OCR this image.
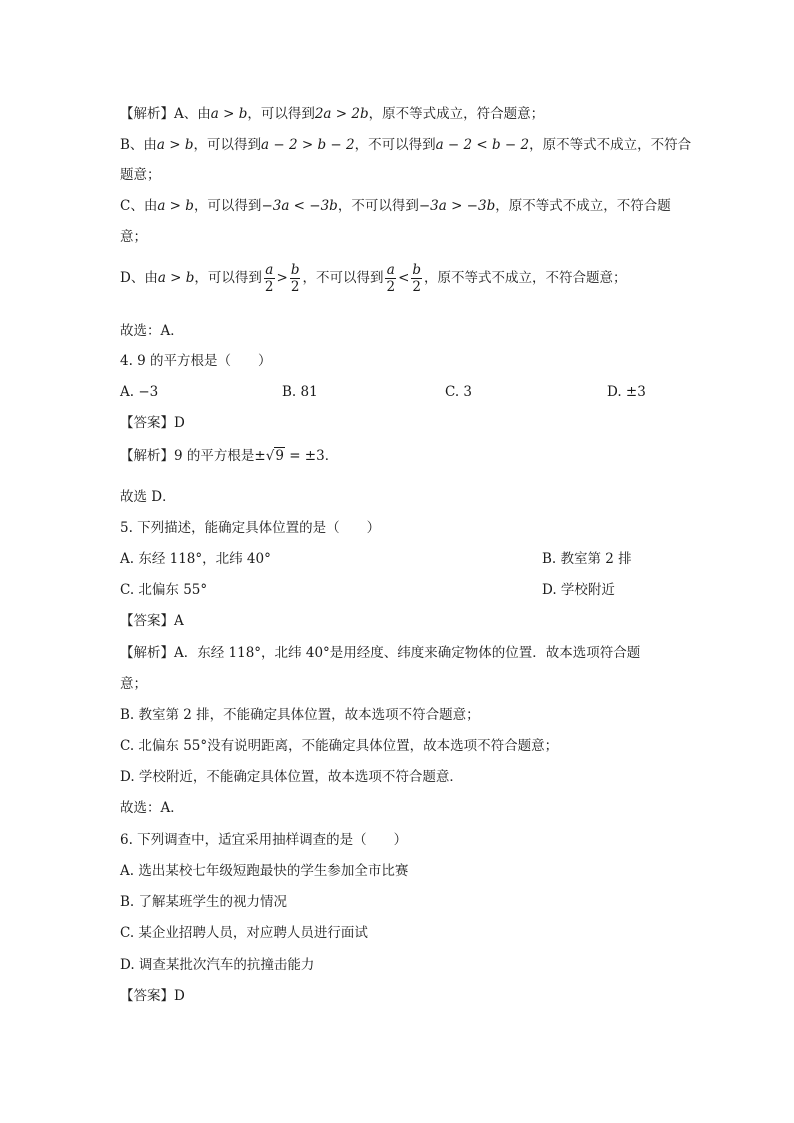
【解析】A、由a > b，可以得到2a > 2b，原不等式成立，符合题意；
B、由a > b，可以得到a − 2 > b − 2，不可以得到a − 2 < b − 2，原不等式不成立，不符合
题意；
C、由a > b，可以得到−3a < −3b，不可以得到−3a > −3b，原不等式不成立，不符合题
意；
D、由a > b，可以得到 $\frac{a}{2} > \frac{b}{2}$ ，不可以得到 $\frac{a}{2} < \frac{b}{2}$ ，原不等式不成立，不符合题意；
故选：A．
4. 9 的平方根是（　　）
A. −3	B. 81	C. 3	D. ±3
【答案】D
【解析】9 的平方根是±√9 = ±3．
故选 D．
5. 下列描述，能确定具体位置的是（　　）
A. 东经 118°，北纬 40°	B. 教室第 2 排
C. 北偏东 55°	D. 学校附近
【答案】A
【解析】A．东经 118°，北纬 40°是用经度、纬度来确定物体的位置．故本选项符合题
意；
B. 教室第 2 排，不能确定具体位置，故本选项不符合题意；
C. 北偏东 55°没有说明距离，不能确定具体位置，故本选项不符合题意；
D. 学校附近，不能确定具体位置，故本选项不符合题意．
故选：A．
6. 下列调查中，适宜采用抽样调查的是（　　）
A. 选出某校七年级短跑最快的学生参加全市比赛
B. 了解某班学生的视力情况
C. 某企业招聘人员，对应聘人员进行面试
D. 调查某批次汽车的抗撞击能力
【答案】D
